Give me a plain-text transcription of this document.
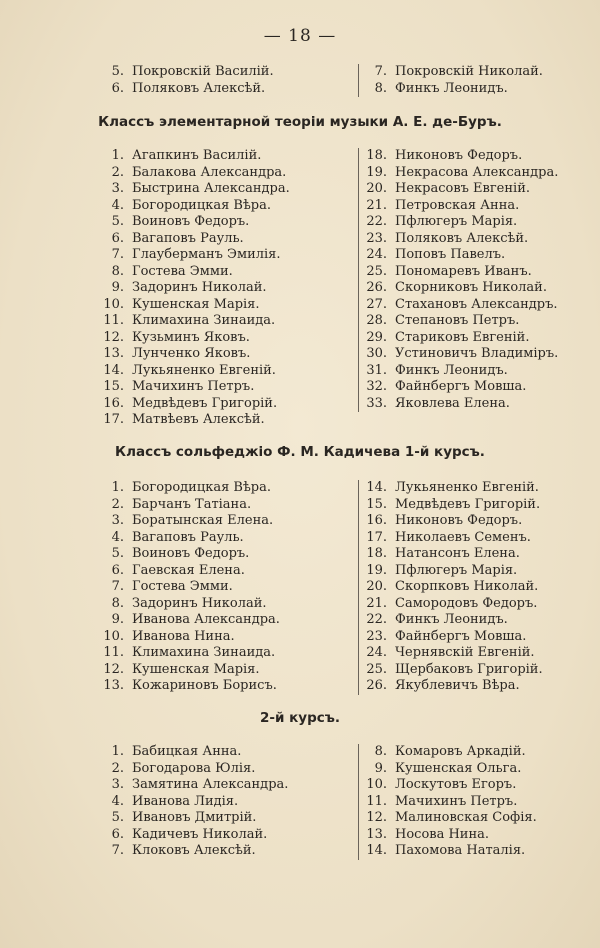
— 18 —
5. Покровскій Василій.
6. Поляковъ Алексѣй.
7. Покровскій Николай.
8. Финкъ Леонидъ.
Классъ элементарной теоріи музыки А. Е. де-Буръ.
1. Агапкинъ Василій.
2. Балакова Александра.
3. Быстрина Александра.
4. Богородицкая Вѣра.
5. Воиновъ Федоръ.
6. Вагаповъ Рауль.
7. Глауберманъ Эмилія.
8. Гостева Эмми.
9. Задоринъ Николай.
10. Кушенская Марія.
11. Климахина Зинаида.
12. Кузьминъ Яковъ.
13. Лунченко Яковъ.
14. Лукьяненко Евгеній.
15. Мачихинъ Петръ.
16. Медвѣдевъ Григорій.
17. Матвѣевъ Алексѣй.
18. Никоновъ Федоръ.
19. Некрасова Александра.
20. Некрасовъ Евгеній.
21. Петровская Анна.
22. Пфлюгеръ Марія.
23. Поляковъ Алексѣй.
24. Поповъ Павелъ.
25. Пономаревъ Иванъ.
26. Скорниковъ Николай.
27. Стахановъ Александръ.
28. Степановъ Петръ.
29. Стариковъ Евгеній.
30. Устиновичъ Владиміръ.
31. Финкъ Леонидъ.
32. Файнбергъ Мовша.
33. Яковлева Елена.
Классъ сольфеджіо Ф. М. Кадичева 1-й курсъ.
1. Богородицкая Вѣра.
2. Барчанъ Татіана.
3. Боратынская Елена.
4. Вагаповъ Рауль.
5. Воиновъ Федоръ.
6. Гаевская Елена.
7. Гостева Эмми.
8. Задоринъ Николай.
9. Иванова Александра.
10. Иванова Нина.
11. Климахина Зинаида.
12. Кушенская Марія.
13. Кожариновъ Борисъ.
14. Лукьяненко Евгеній.
15. Медвѣдевъ Григорій.
16. Никоновъ Федоръ.
17. Николаевъ Семенъ.
18. Натансонъ Елена.
19. Пфлюгеръ Марія.
20. Скорпковъ Николай.
21. Самородовъ Федоръ.
22. Финкъ Леонидъ.
23. Файнбергъ Мовша.
24. Чернявскій Евгеній.
25. Щербаковъ Григорій.
26. Якублевичъ Вѣра.
2-й курсъ.
1. Бабицкая Анна.
2. Богодарова Юлія.
3. Замятина Александра.
4. Иванова Лидія.
5. Ивановъ Дмитрій.
6. Кадичевъ Николай.
7. Клоковъ Алексѣй.
8. Комаровъ Аркадій.
9. Кушенская Ольга.
10. Лоскутовъ Егоръ.
11. Мачихинъ Петръ.
12. Малиновская Софія.
13. Носова Нина.
14. Пахомова Наталія.
